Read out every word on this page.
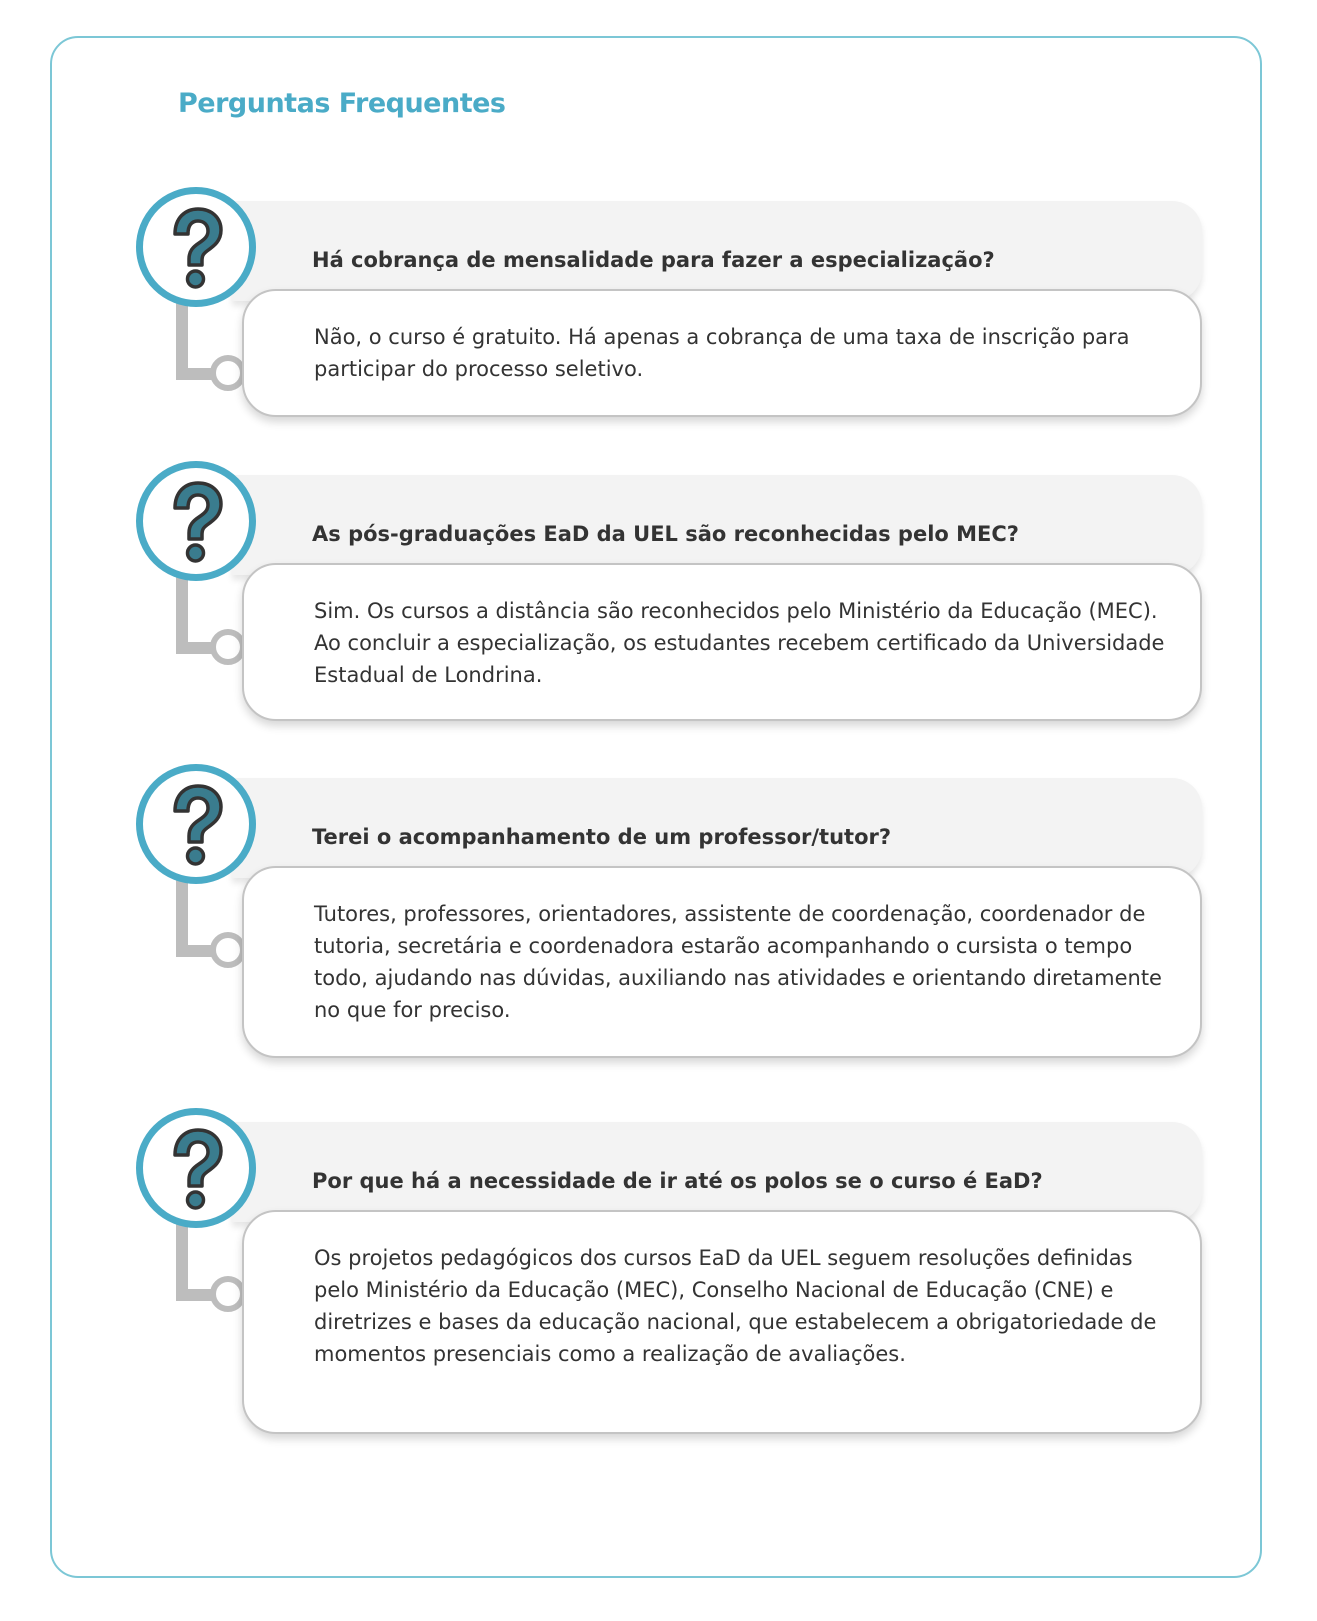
Perguntas Frequentes
Há cobrança de mensalidade para fazer a especialização?

Não, o curso é gratuito. Há apenas a cobrança de uma taxa de inscrição para participar do processo seletivo.

As pós-graduações EaD da UEL são reconhecidas pelo MEC?

Sim. Os cursos a distância são reconhecidos pelo Ministério da Educação (MEC). Ao concluir a especialização, os estudantes recebem certificado da Universidade Estadual de Londrina.

Terei o acompanhamento de um professor/tutor?

Tutores, professores, orientadores, assistente de coordenação, coordenador de tutoria, secretária e coordenadora estarão acompanhando o cursista o tempo todo, ajudando nas dúvidas, auxiliando nas atividades e orientando diretamente no que for preciso.

Por que há a necessidade de ir até os polos se o curso é EaD?

Os projetos pedagógicos dos cursos EaD da UEL seguem resoluções definidas pelo Ministério da Educação (MEC), Conselho Nacional de Educação (CNE) e diretrizes e bases da educação nacional, que estabelecem a obrigatoriedade de momentos presenciais como a realização de avaliações.
